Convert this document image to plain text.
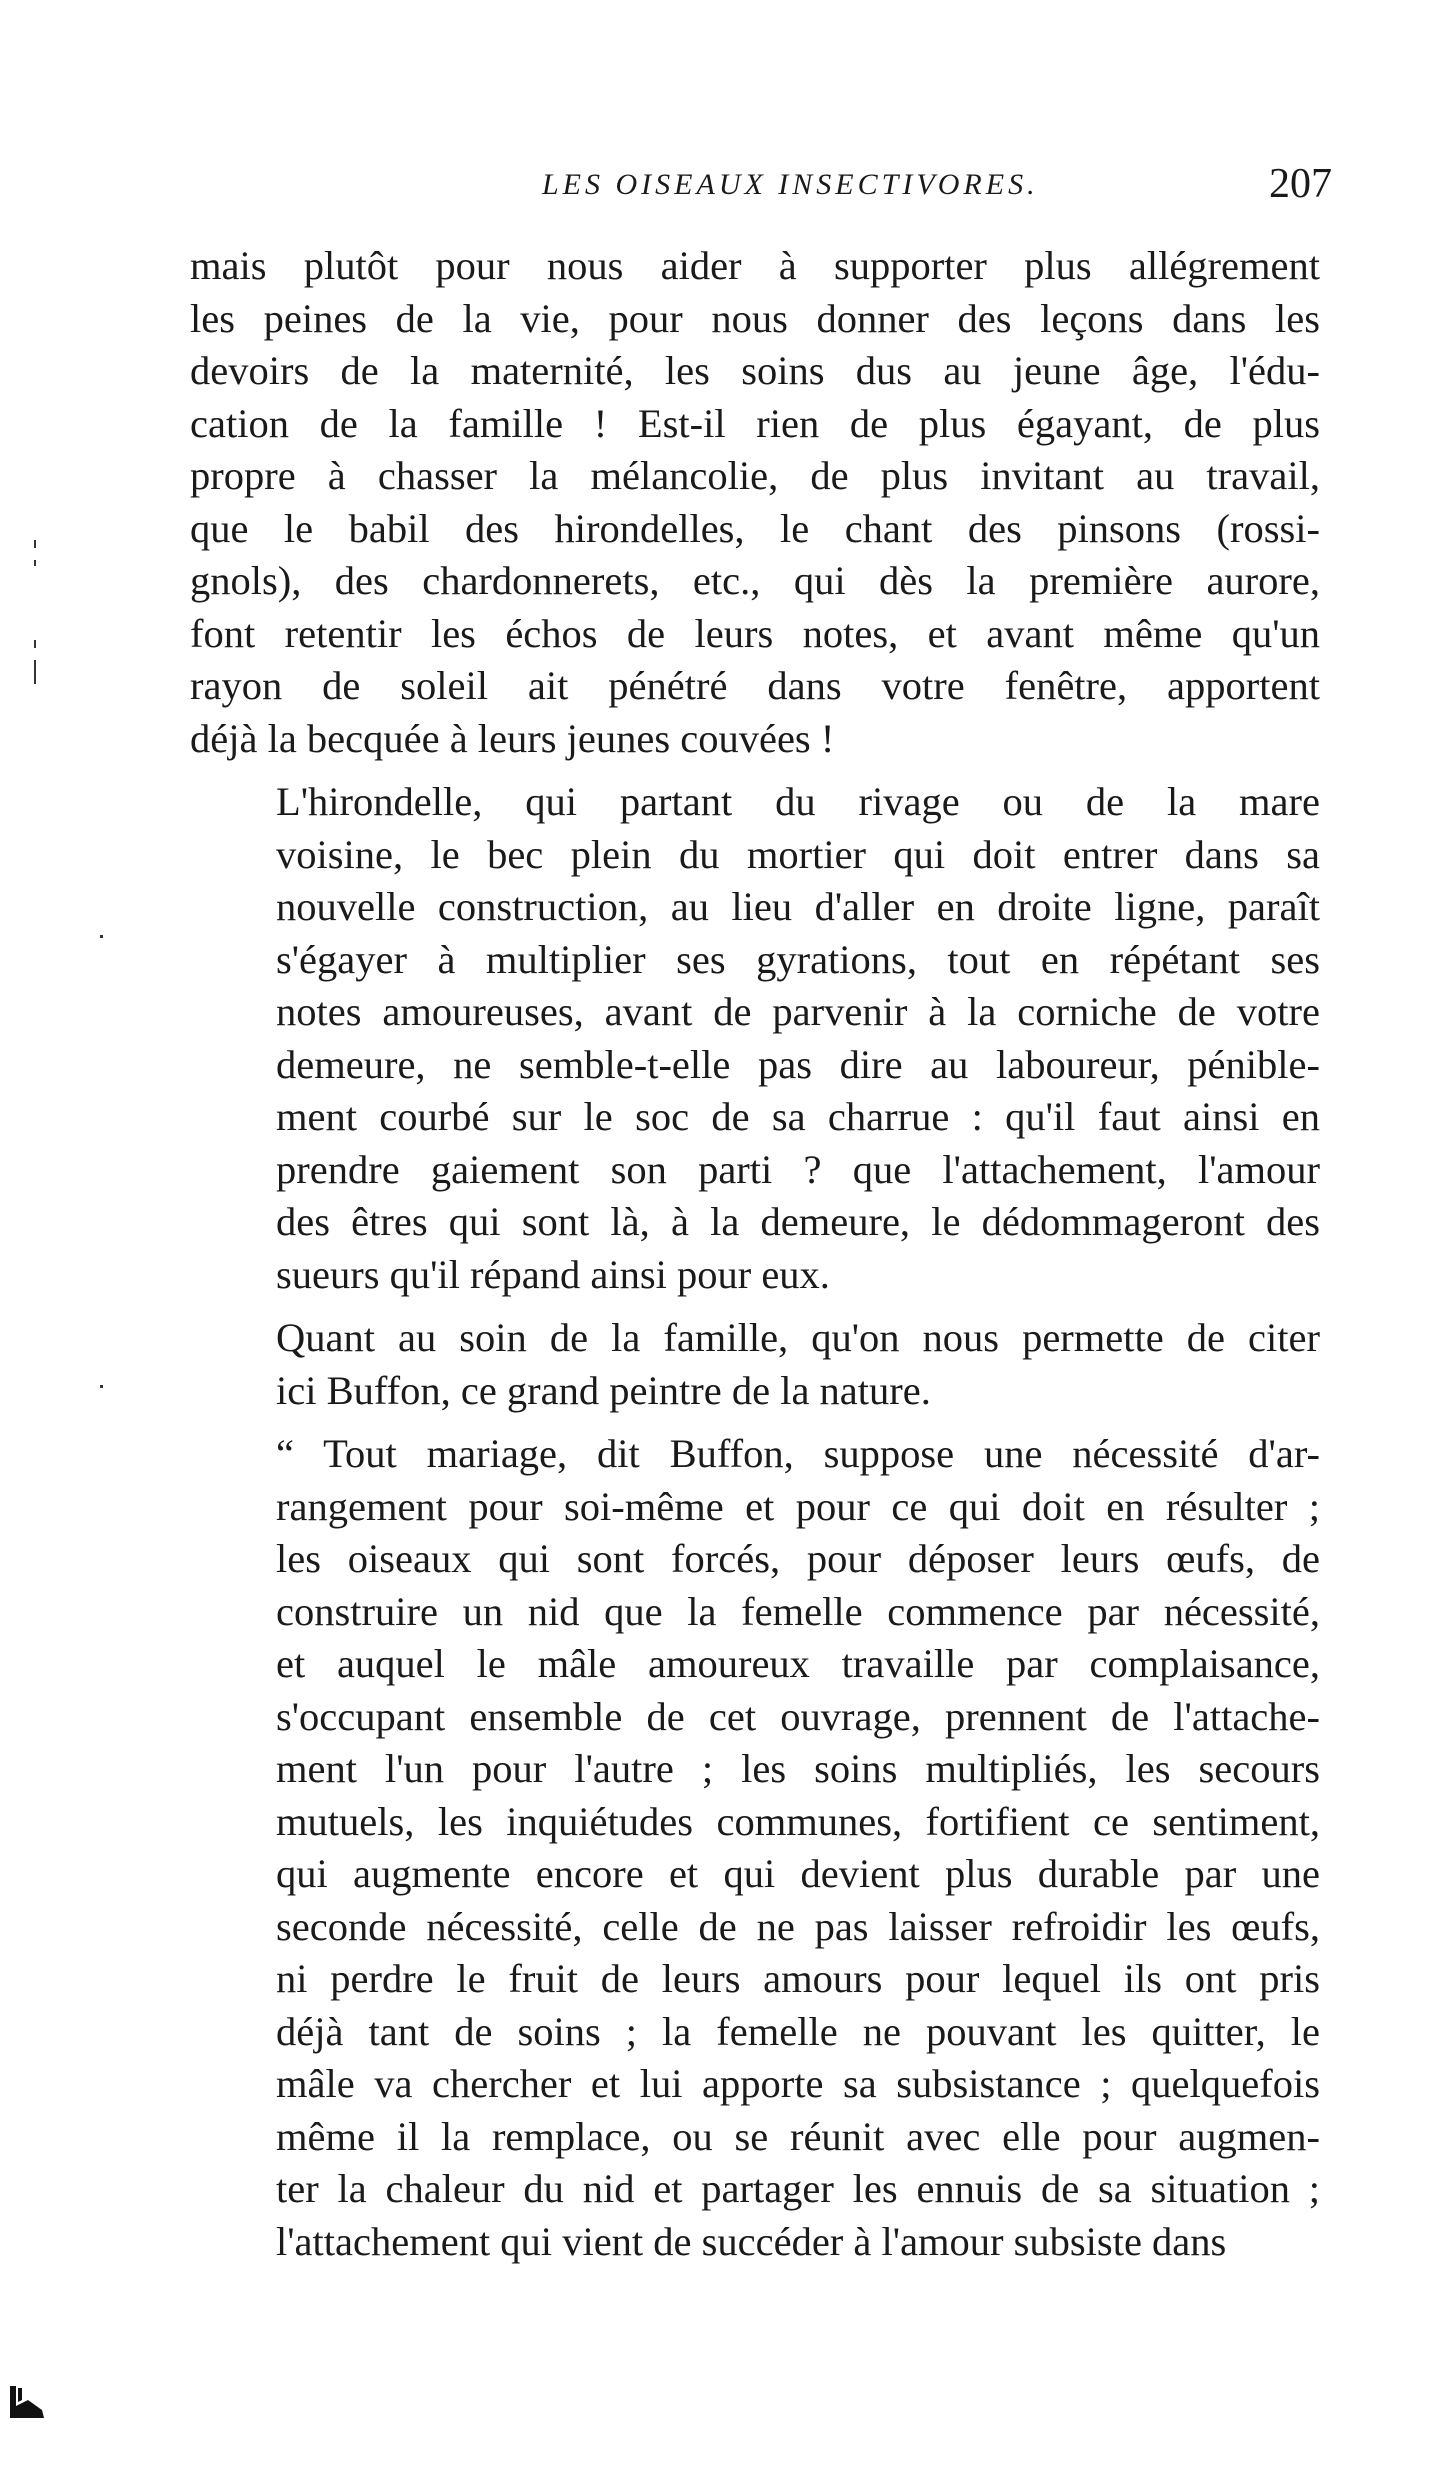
LES OISEAUX INSECTIVORES.	207
mais plutôt pour nous aider à supporter plus allégrement
les peines de la vie, pour nous donner des leçons dans les
devoirs de la maternité, les soins dus au jeune âge, l'édu-
cation de la famille ! Est-il rien de plus égayant, de plus
propre à chasser la mélancolie, de plus invitant au travail,
que le babil des hirondelles, le chant des pinsons (rossi-
gnols), des chardonnerets, etc., qui dès la première aurore,
font retentir les échos de leurs notes, et avant même qu'un
rayon de soleil ait pénétré dans votre fenêtre, apportent
déjà la becquée à leurs jeunes couvées !
L'hirondelle, qui partant du rivage ou de la mare
voisine, le bec plein du mortier qui doit entrer dans sa
nouvelle construction, au lieu d'aller en droite ligne, paraît
s'égayer à multiplier ses gyrations, tout en répétant ses
notes amoureuses, avant de parvenir à la corniche de votre
demeure, ne semble-t-elle pas dire au laboureur, pénible-
ment courbé sur le soc de sa charrue : qu'il faut ainsi en
prendre gaiement son parti ? que l'attachement, l'amour
des êtres qui sont là, à la demeure, le dédommageront des
sueurs qu'il répand ainsi pour eux.
Quant au soin de la famille, qu'on nous permette de citer
ici Buffon, ce grand peintre de la nature.
“ Tout mariage, dit Buffon, suppose une nécessité d'ar-
rangement pour soi-même et pour ce qui doit en résulter ;
les oiseaux qui sont forcés, pour déposer leurs œufs, de
construire un nid que la femelle commence par nécessité,
et auquel le mâle amoureux travaille par complaisance,
s'occupant ensemble de cet ouvrage, prennent de l'attache-
ment l'un pour l'autre ; les soins multipliés, les secours
mutuels, les inquiétudes communes, fortifient ce sentiment,
qui augmente encore et qui devient plus durable par une
seconde nécessité, celle de ne pas laisser refroidir les œufs,
ni perdre le fruit de leurs amours pour lequel ils ont pris
déjà tant de soins ; la femelle ne pouvant les quitter, le
mâle va chercher et lui apporte sa subsistance ; quelquefois
même il la remplace, ou se réunit avec elle pour augmen-
ter la chaleur du nid et partager les ennuis de sa situation ;
l'attachement qui vient de succéder à l'amour subsiste dans
